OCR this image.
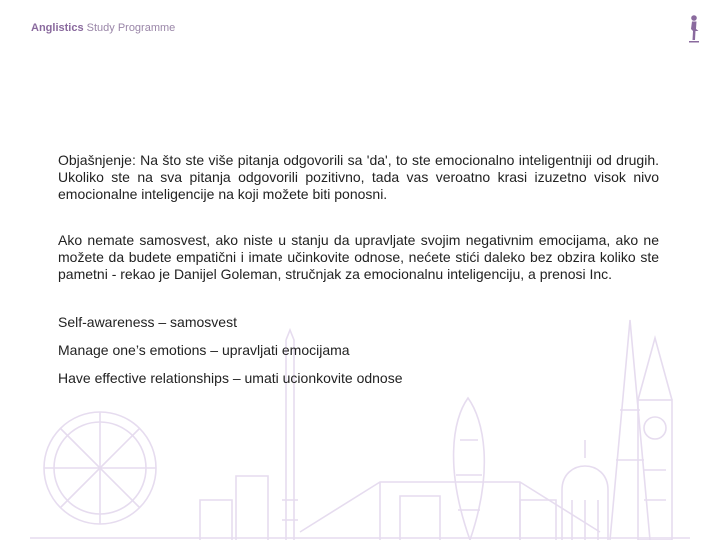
Anglistics Study Programme

Objašnjenje: Na što ste više pitanja odgovorili sa 'da', to ste emocionalno inteligentniji od drugih. Ukoliko ste na sva pitanja odgovorili pozitivno, tada vas veroatno krasi izuzetno visok nivo emocionalne inteligencije na koji možete biti ponosni.

Ako nemate samosvest, ako niste u stanju da upravljate svojim negativnim emocijama, ako ne možete da budete empatični i imate učinkovite odnose, nećete stići daleko bez obzira koliko ste pametni - rekao je Danijel Goleman, stručnjak za emocionalnu inteligenciju, a prenosi Inc.

Self-awareness – samosvest

Manage one’s emotions – upravljati emocijama

Have effective relationships – umati ucionkovite odnose
